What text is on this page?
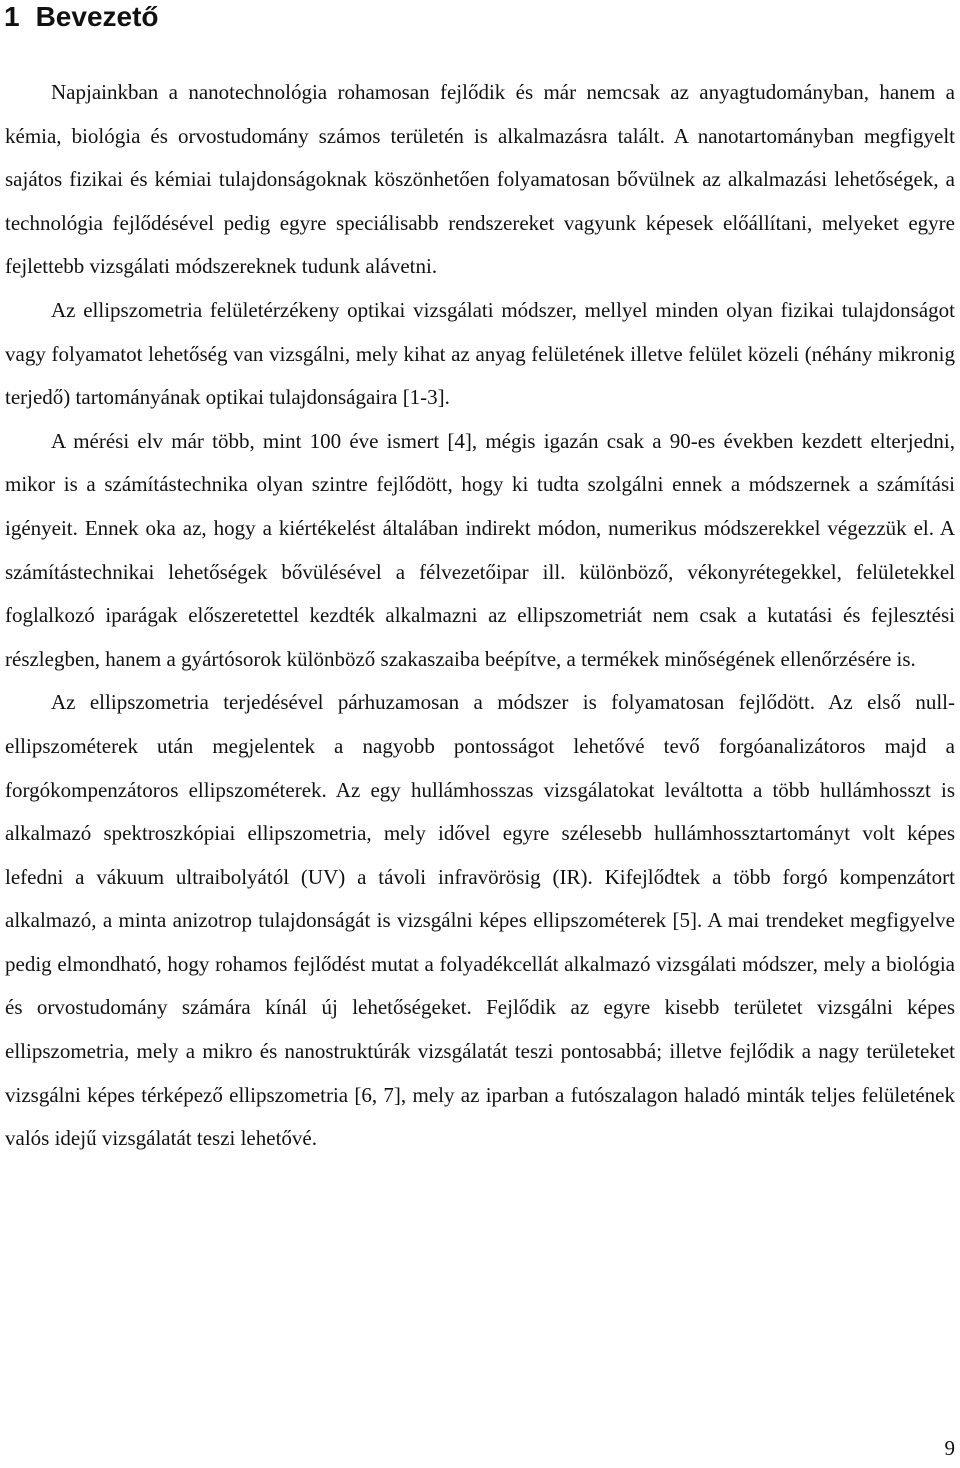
1 Bevezető

Napjainkban a nanotechnológia rohamosan fejlődik és már nemcsak az anyagtudományban, hanem a kémia, biológia és orvostudomány számos területén is alkalmazásra talált. A nanotartományban megfigyelt sajátos fizikai és kémiai tulajdonságoknak köszönhetően folyamatosan bővülnek az alkalmazási lehetőségek, a technológia fejlődésével pedig egyre speciálisabb rendszereket vagyunk képesek előállítani, melyeket egyre fejlettebb vizsgálati módszereknek tudunk alávetni.

Az ellipszometria felületérzékeny optikai vizsgálati módszer, mellyel minden olyan fizikai tulajdonságot vagy folyamatot lehetőség van vizsgálni, mely kihat az anyag felületének illetve felület közeli (néhány mikronig terjedő) tartományának optikai tulajdonságaira [1-3].

A mérési elv már több, mint 100 éve ismert [4], mégis igazán csak a 90-es években kezdett elterjedni, mikor is a számítástechnika olyan szintre fejlődött, hogy ki tudta szolgálni ennek a módszernek a számítási igényeit. Ennek oka az, hogy a kiértékelést általában indirekt módon, numerikus módszerekkel végezzük el. A számítástechnikai lehetőségek bővülésével a félvezetőipar ill. különböző, vékonyrétegekkel, felületekkel foglalkozó iparágak előszeretettel kezdték alkalmazni az ellipszometriát nem csak a kutatási és fejlesztési részlegben, hanem a gyártósorok különböző szakaszaiba beépítve, a termékek minőségének ellenőrzésére is.

Az ellipszometria terjedésével párhuzamosan a módszer is folyamatosan fejlődött. Az első null-ellipszométerek után megjelentek a nagyobb pontosságot lehetővé tevő forgóanalizátoros majd a forgókompenzátoros ellipszométerek. Az egy hullámhosszas vizsgálatokat leváltotta a több hullámhosszt is alkalmazó spektroszkópiai ellipszometria, mely idővel egyre szélesebb hullámhossztartományt volt képes lefedni a vákuum ultraibolyától (UV) a távoli infravörösig (IR). Kifejlődtek a több forgó kompenzátort alkalmazó, a minta anizotrop tulajdonságát is vizsgálni képes ellipszométerek [5]. A mai trendeket megfigyelve pedig elmondható, hogy rohamos fejlődést mutat a folyadékcellát alkalmazó vizsgálati módszer, mely a biológia és orvostudomány számára kínál új lehetőségeket. Fejlődik az egyre kisebb területet vizsgálni képes ellipszometria, mely a mikro és nanostruktúrák vizsgálatát teszi pontosabbá; illetve fejlődik a nagy területeket vizsgálni képes térképező ellipszometria [6, 7], mely az iparban a futószalagon haladó minták teljes felületének valós idejű vizsgálatát teszi lehetővé.

9
